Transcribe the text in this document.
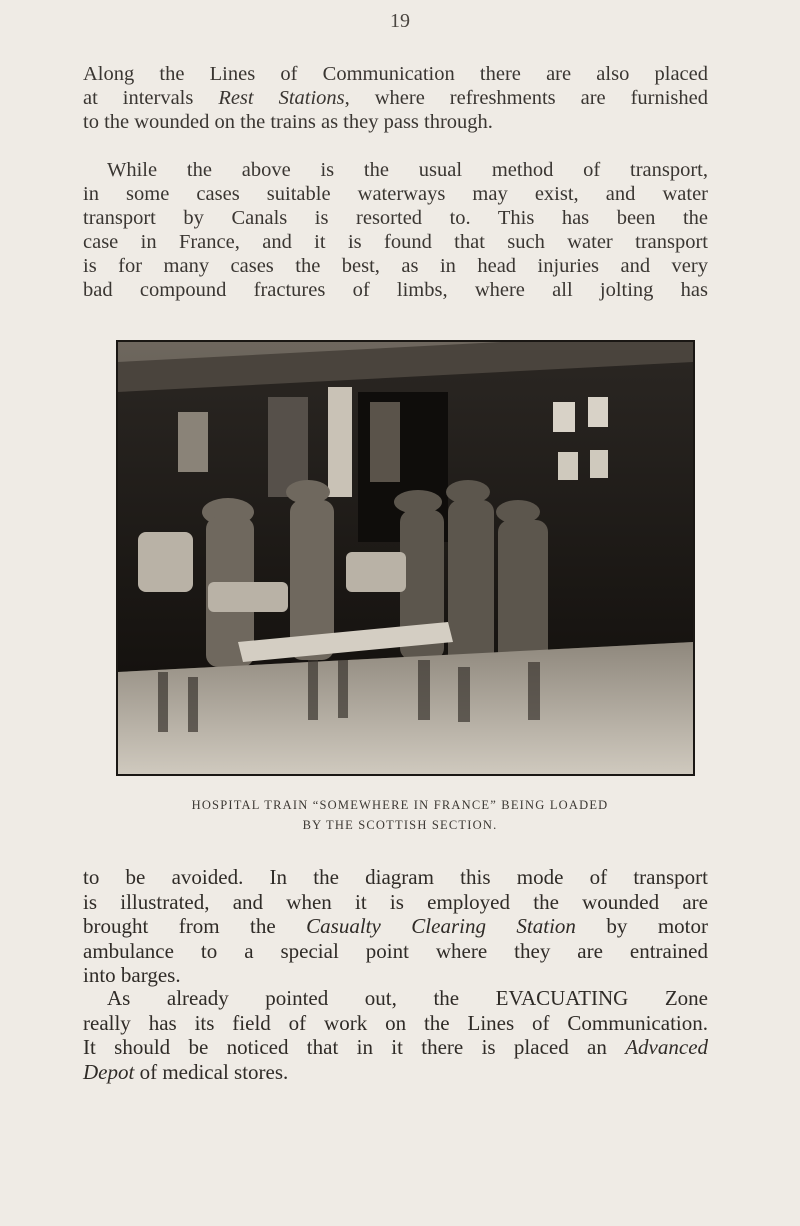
19
Along the Lines of Communication there are also placed
at intervals Rest Stations, where refreshments are furnished
to the wounded on the trains as they pass through.
While the above is the usual method of transport,
in some cases suitable waterways may exist, and water
transport by Canals is resorted to. This has been the
case in France, and it is found that such water transport
is for many cases the best, as in head injuries and very
bad compound fractures of limbs, where all jolting has
HOSPITAL TRAIN “SOMEWHERE IN FRANCE” BEING LOADED
BY THE SCOTTISH SECTION.
to be avoided. In the diagram this mode of transport
is illustrated, and when it is employed the wounded are
brought from the Casualty Clearing Station by motor
ambulance to a special point where they are entrained
into barges.
As already pointed out, the EVACUATING Zone
really has its field of work on the Lines of Communication.
It should be noticed that in it there is placed an Advanced
Depot of medical stores.
